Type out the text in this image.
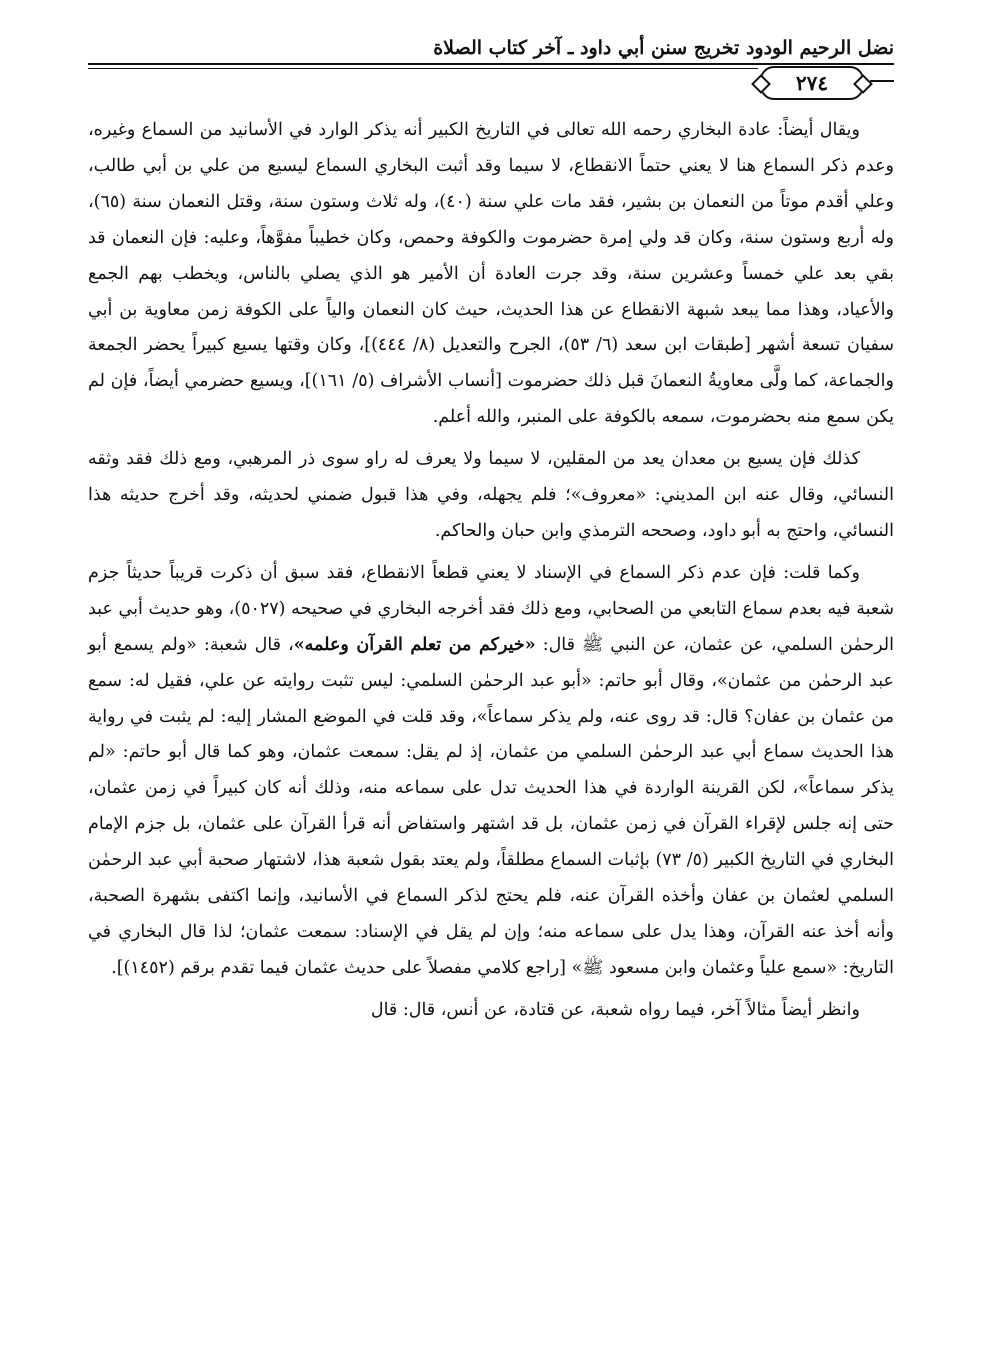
نضل الرحيم الودود تخريج سنن أبي داود ـ آخر كتاب الصلاة
٢٧٤

ويقال أيضاً: عادة البخاري رحمه الله تعالى في التاريخ الكبير أنه يذكر الوارد في الأسانيد من السماع وغيره، وعدم ذكر السماع هنا لا يعني حتماً الانقطاع، لا سيما وقد أثبت البخاري السماع ليسيع من علي بن أبي طالب، وعلي أقدم موتاً من النعمان بن بشير، فقد مات علي سنة (٤٠)، وله ثلاث وستون سنة، وقتل النعمان سنة (٦٥)، وله أربع وستون سنة، وكان قد ولي إمرة حضرموت والكوفة وحمص، وكان خطيباً مفوَّهاً، وعليه: فإن النعمان قد بقي بعد علي خمساً وعشرين سنة، وقد جرت العادة أن الأمير هو الذي يصلي بالناس، ويخطب بهم الجمع والأعياد، وهذا مما يبعد شبهة الانقطاع عن هذا الحديث، حيث كان النعمان والياً على الكوفة زمن معاوية بن أبي سفيان تسعة أشهر [طبقات ابن سعد (٦/ ٥٣)، الجرح والتعديل (٨/ ٤٤٤)]، وكان وقتها يسيع كبيراً يحضر الجمعة والجماعة، كما ولَّى معاويةُ النعمانَ قبل ذلك حضرموت [أنساب الأشراف (٥/ ١٦١)]، ويسيع حضرمي أيضاً، فإن لم يكن سمع منه بحضرموت، سمعه بالكوفة على المنبر، والله أعلم.

كذلك فإن يسيع بن معدان يعد من المقلين، لا سيما ولا يعرف له راو سوى ذر المرهبي، ومع ذلك فقد وثقه النسائي، وقال عنه ابن المديني: «معروف»؛ فلم يجهله، وفي هذا قبول ضمني لحديثه، وقد أخرج حديثه هذا النسائي، واحتج به أبو داود، وصححه الترمذي وابن حبان والحاكم.

وكما قلت: فإن عدم ذكر السماع في الإسناد لا يعني قطعاً الانقطاع، فقد سبق أن ذكرت قريباً حديثاً جزم شعبة فيه بعدم سماع التابعي من الصحابي، ومع ذلك فقد أخرجه البخاري في صحيحه (٥٠٢٧)، وهو حديث أبي عبد الرحمٰن السلمي، عن عثمان، عن النبي ﷺ قال: «خيركم من تعلم القرآن وعلمه»، قال شعبة: «ولم يسمع أبو عبد الرحمٰن من عثمان»، وقال أبو حاتم: «أبو عبد الرحمٰن السلمي: ليس تثبت روايته عن علي، فقيل له: سمع من عثمان بن عفان؟ قال: قد روى عنه، ولم يذكر سماعاً»، وقد قلت في الموضع المشار إليه: لم يثبت في رواية هذا الحديث سماع أبي عبد الرحمٰن السلمي من عثمان، إذ لم يقل: سمعت عثمان، وهو كما قال أبو حاتم: «لم يذكر سماعاً»، لكن القرينة الواردة في هذا الحديث تدل على سماعه منه، وذلك أنه كان كبيراً في زمن عثمان، حتى إنه جلس لإقراء القرآن في زمن عثمان، بل قد اشتهر واستفاض أنه قرأ القرآن على عثمان، بل جزم الإمام البخاري في التاريخ الكبير (٥/ ٧٣) بإثبات السماع مطلقاً، ولم يعتد بقول شعبة هذا، لاشتهار صحبة أبي عبد الرحمٰن السلمي لعثمان بن عفان وأخذه القرآن عنه، فلم يحتج لذكر السماع في الأسانيد، وإنما اكتفى بشهرة الصحبة، وأنه أخذ عنه القرآن، وهذا يدل على سماعه منه؛ وإن لم يقل في الإسناد: سمعت عثمان؛ لذا قال البخاري في التاريخ: «سمع علياً وعثمان وابن مسعود ﷺ» [راجع كلامي مفصلاً على حديث عثمان فيما تقدم برقم (١٤٥٢)].

وانظر أيضاً مثالاً آخر، فيما رواه شعبة، عن قتادة، عن أنس، قال: قال
